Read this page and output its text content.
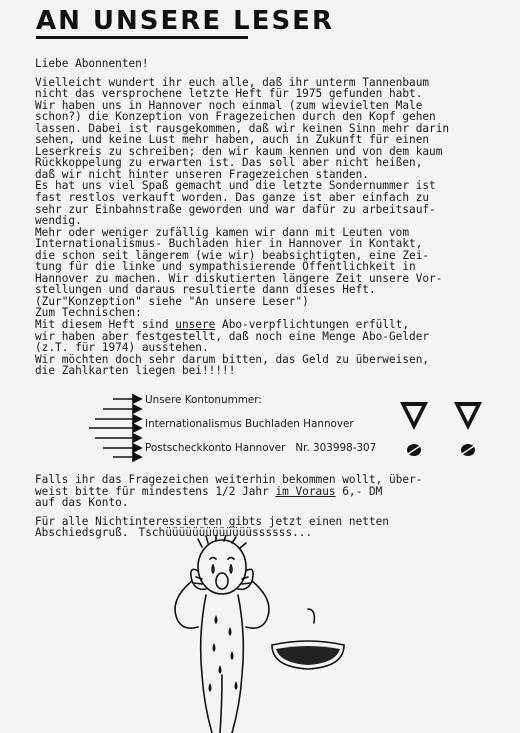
AN UNSERE LESER
Liebe Abonnenten!
Vielleicht wundert ihr euch alle, daß ihr unterm Tannenbaum
nicht das versprochene letzte Heft für 1975 gefunden habt.
Wir haben uns in Hannover noch einmal (zum wievielten Male
schon?) die Konzeption von Fragezeichen durch den Kopf gehen
lassen. Dabei ist rausgekommen, daß wir keinen Sinn mehr darin
sehen, und keine Lust mehr haben, auch in Zukunft für einen
Leserkreis zu schreiben; den wir kaum kennen und von dem kaum
Rückkoppelung zu erwarten ist. Das soll aber nicht heißen,
daß wir nicht hinter unseren Fragezeichen standen.
Es hat uns viel Spaß gemacht und die letzte Sondernummer ist
fast restlos verkauft worden. Das ganze ist aber einfach zu
sehr zur Einbahnstraße geworden und war dafür zu arbeitsauf-
wendig.
Mehr oder weniger zufällig kamen wir dann mit Leuten vom
Internationalismus- Buchladen hier in Hannover in Kontakt,
die schon seit längerem (wie wir) beabsichtigten, eine Zei-
tung für die linke und sympathisierende Öffentlichkeit in
Hannover zu machen. Wir diskutierten längere Zeit unsere Vor-
stellungen und daraus resultierte dann dieses Heft.
(Zur"Konzeption" siehe "An unsere Leser")
Zum Technischen:
Mit diesem Heft sind unsere Abo-verpflichtungen erfüllt,
wir haben aber festgestellt, daß noch eine Menge Abo-Gelder
(z.T. für 1974) ausstehen.
Wir möchten doch sehr darum bitten, das Geld zu überweisen,
die Zahlkarten liegen bei!!!!!
Unsere Kontonummer:
Internationalismus Buchladen Hannover
Postscheckkonto Hannover   Nr. 303998-307
Falls ihr das Fragezeichen weiterhin bekommen wollt, über-
weist bitte für mindestens 1/2 Jahr im Voraus 6,- DM
auf das Konto.
Für alle Nichtinteressierten gibts jetzt einen netten
Abschiedsgruß. Tschüüüüüüüüüüüüüssssss...
